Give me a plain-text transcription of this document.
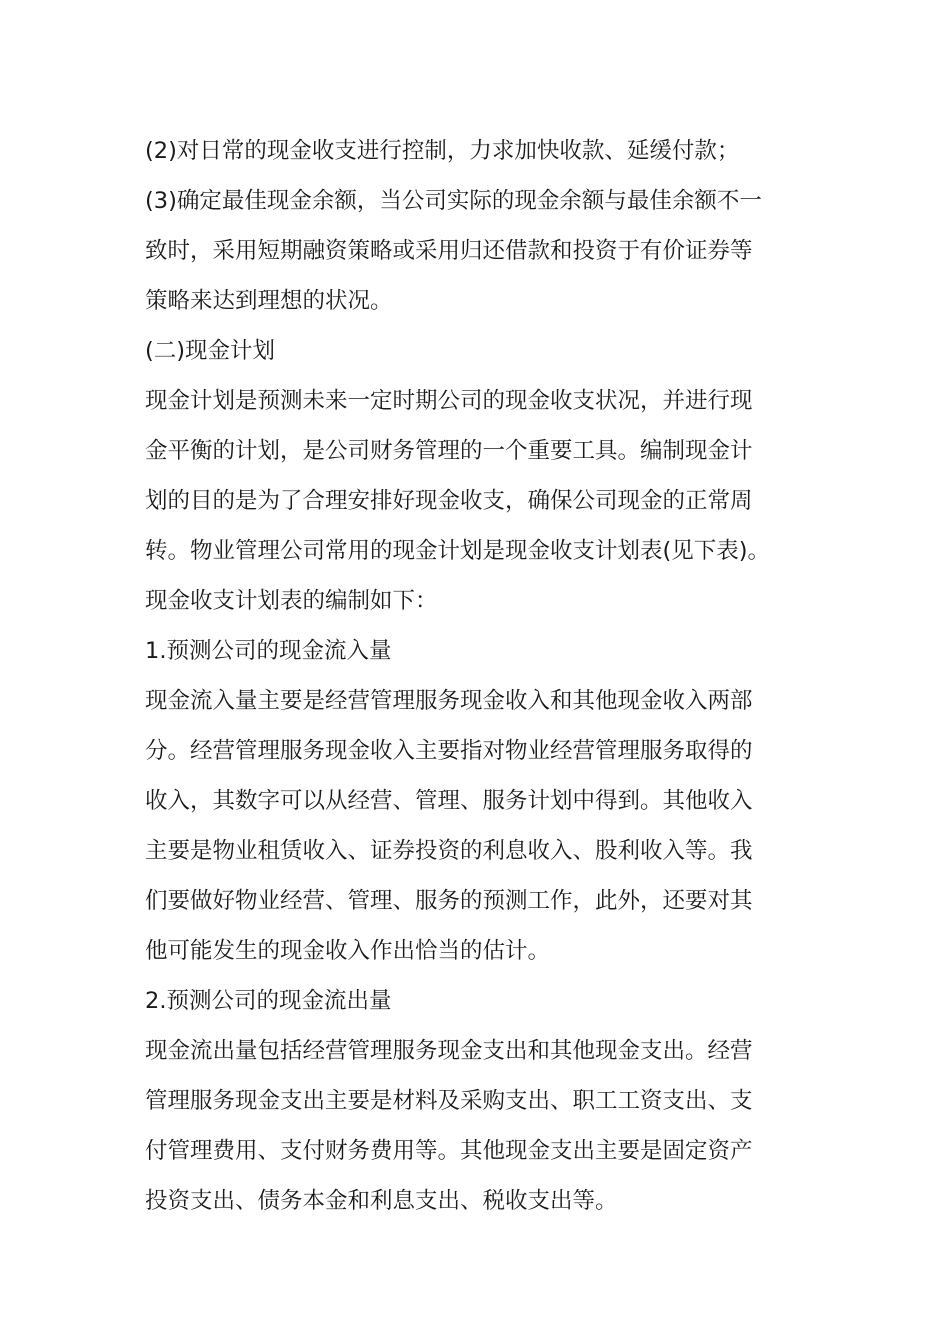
(2)对日常的现金收支进行控制，力求加快收款、延缓付款；
(3)确定最佳现金余额，当公司实际的现金余额与最佳余额不一
致时，采用短期融资策略或采用归还借款和投资于有价证券等
策略来达到理想的状况。
(二)现金计划
现金计划是预测未来一定时期公司的现金收支状况，并进行现
金平衡的计划，是公司财务管理的一个重要工具。编制现金计
划的目的是为了合理安排好现金收支，确保公司现金的正常周
转。物业管理公司常用的现金计划是现金收支计划表(见下表)。
现金收支计划表的编制如下：
1.预测公司的现金流入量
现金流入量主要是经营管理服务现金收入和其他现金收入两部
分。经营管理服务现金收入主要指对物业经营管理服务取得的
收入，其数字可以从经营、管理、服务计划中得到。其他收入
主要是物业租赁收入、证券投资的利息收入、股利收入等。我
们要做好物业经营、管理、服务的预测工作，此外，还要对其
他可能发生的现金收入作出恰当的估计。
2.预测公司的现金流出量
现金流出量包括经营管理服务现金支出和其他现金支出。经营
管理服务现金支出主要是材料及采购支出、职工工资支出、支
付管理费用、支付财务费用等。其他现金支出主要是固定资产
投资支出、债务本金和利息支出、税收支出等。
